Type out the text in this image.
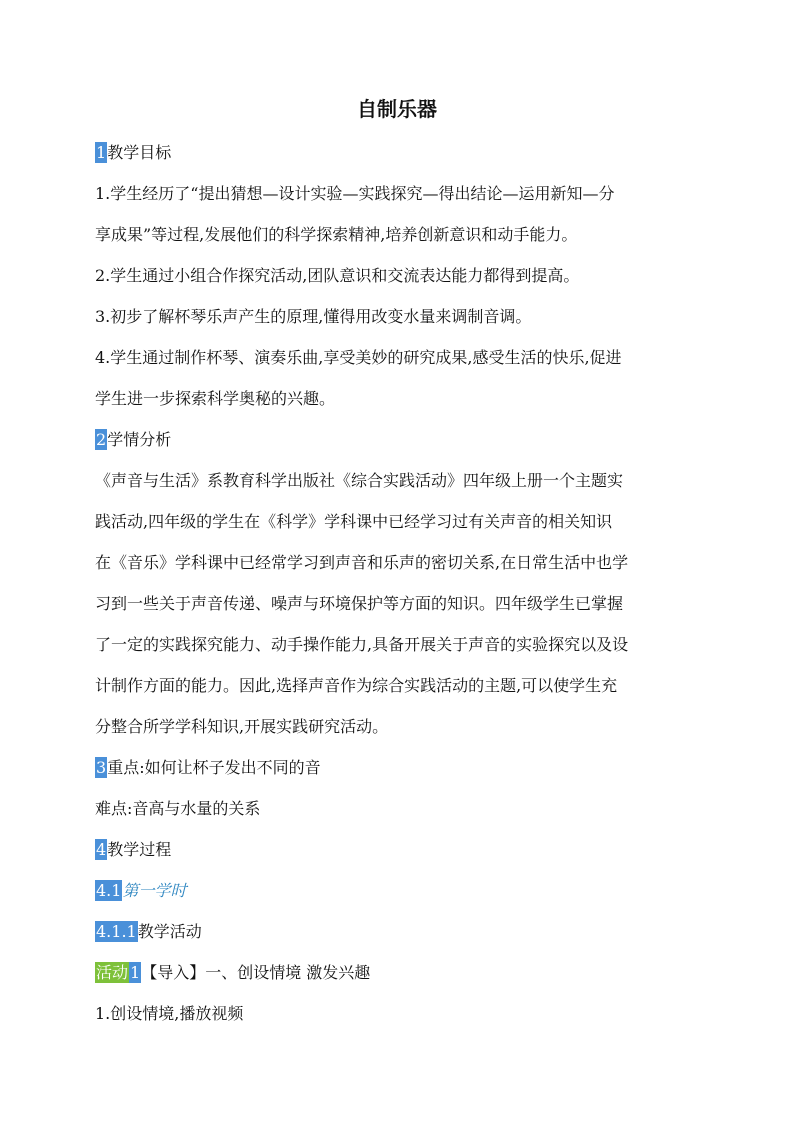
自制乐器
1教学目标
1.学生经历了“提出猜想—设计实验—实践探究—得出结论—运用新知—分
享成果”等过程,发展他们的科学探索精神,培养创新意识和动手能力。
2.学生通过小组合作探究活动,团队意识和交流表达能力都得到提高。
3.初步了解杯琴乐声产生的原理,懂得用改变水量来调制音调。
4.学生通过制作杯琴、演奏乐曲,享受美妙的研究成果,感受生活的快乐,促进
学生进一步探索科学奥秘的兴趣。
2学情分析
《声音与生活》系教育科学出版社《综合实践活动》四年级上册一个主题实
践活动,四年级的学生在《科学》学科课中已经学习过有关声音的相关知识
在《音乐》学科课中已经常学习到声音和乐声的密切关系,在日常生活中也学
习到一些关于声音传递、噪声与环境保护等方面的知识。四年级学生已掌握
了一定的实践探究能力、动手操作能力,具备开展关于声音的实验探究以及设
计制作方面的能力。因此,选择声音作为综合实践活动的主题,可以使学生充
分整合所学学科知识,开展实践研究活动。
3重点:如何让杯子发出不同的音
难点:音高与水量的关系
4教学过程
4.1第一学时
4.1.1教学活动
活动 1【导入】一、创设情境 激发兴趣
1.创设情境,播放视频
